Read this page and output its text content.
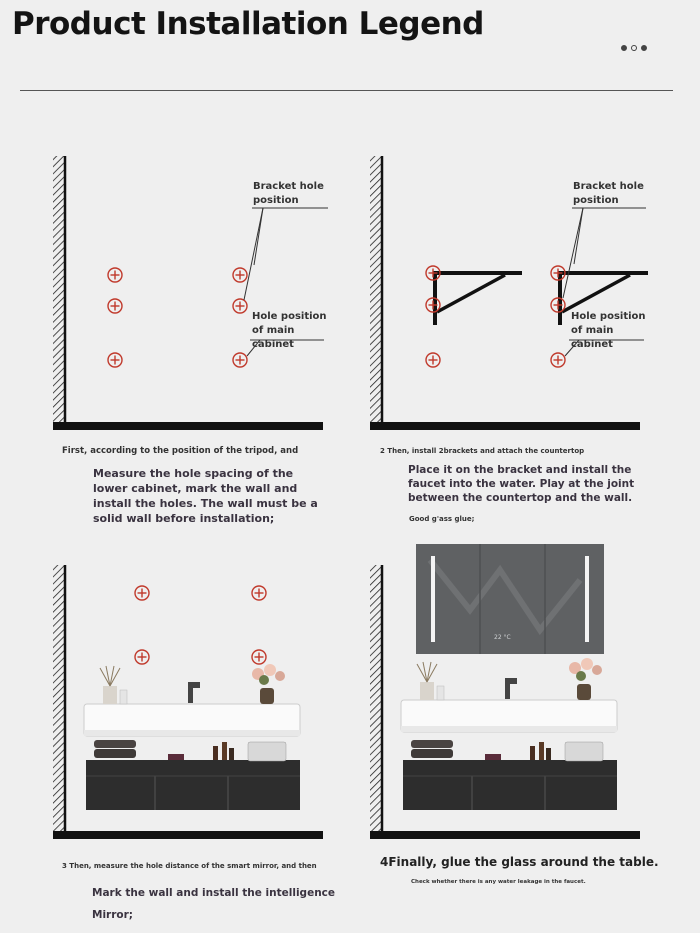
Product Installation Legend
Bracket hole
position
Hole position
of main
cabinet
First, according to the position of the tripod, and
Measure the hole spacing of the
lower cabinet, mark the wall and
install the holes. The wall must be a
solid wall before installation;
Bracket hole
position
Hole position
of main
cabinet
2 Then, install 2brackets and attach the countertop
Place it on the bracket and install the
faucet into the water. Play at the joint
between the countertop and the wall.
Good g'ass glue;
3 Then, measure the hole distance of the smart mirror, and then
Mark the wall and install the intelligence
Mirror;
22 °C
4Finally, glue the glass around the table.
Check whether there is any water leakage in the faucet.
